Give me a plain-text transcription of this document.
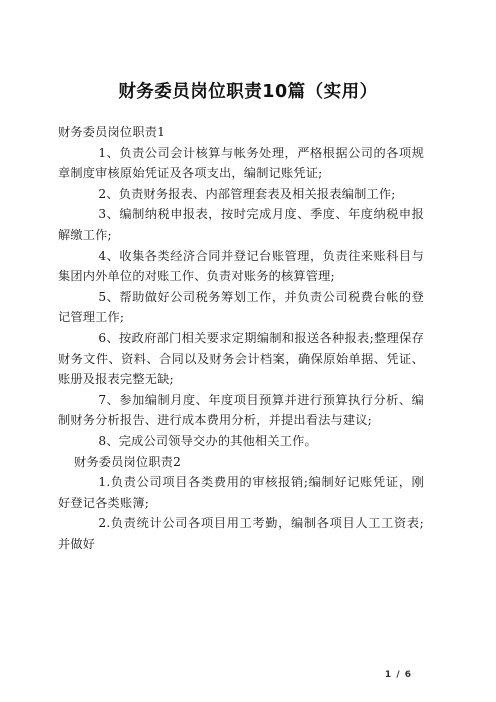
财务委员岗位职责10篇（实用）

财务委员岗位职责1

1、负责公司会计核算与帐务处理，严格根据公司的各项规章制度审核原始凭证及各项支出，编制记账凭证;

2、负责财务报表、内部管理套表及相关报表编制工作;

3、编制纳税申报表，按时完成月度、季度、年度纳税申报解缴工作;

4、收集各类经济合同并登记台账管理，负责往来账科目与集团内外单位的对账工作、负责对账务的核算管理;

5、帮助做好公司税务筹划工作，并负责公司税费台帐的登记管理工作;

6、按政府部门相关要求定期编制和报送各种报表;整理保存财务文件、资料、合同以及财务会计档案，确保原始单据、凭证、账册及报表完整无缺;

7、参加编制月度、年度项目预算并进行预算执行分析、编制财务分析报告、进行成本费用分析，并提出看法与建议;

8、完成公司领导交办的其他相关工作。

财务委员岗位职责2

1.负责公司项目各类费用的审核报销;编制好记账凭证，刚好登记各类账簿;

2.负责统计公司各项目用工考勤，编制各项目人工工资表;并做好

1 / 6
